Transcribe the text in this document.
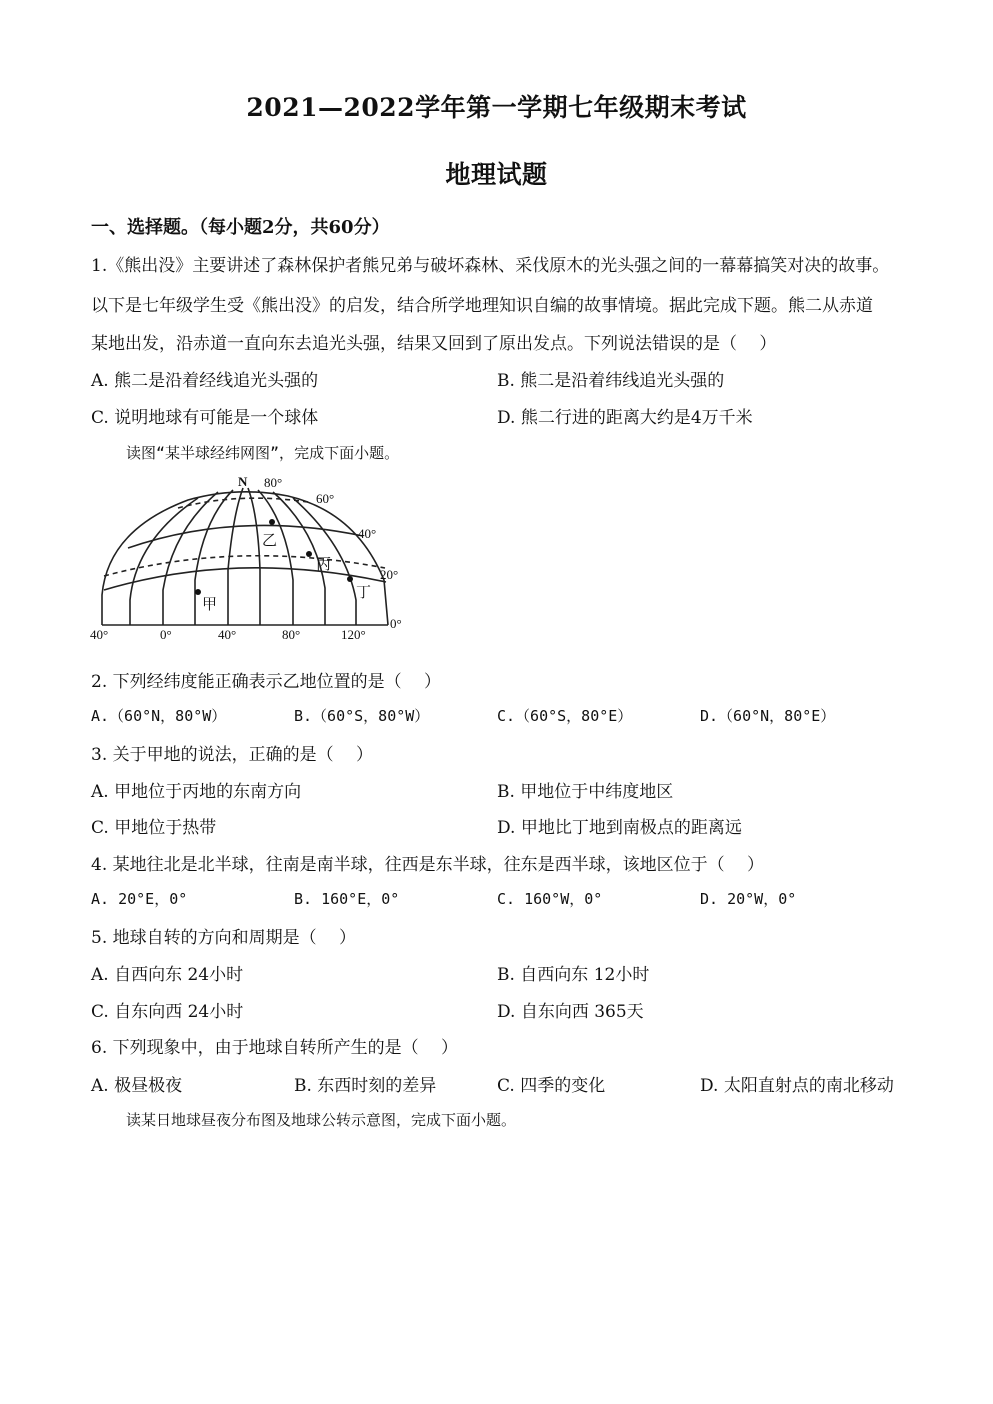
2021—2022学年第一学期七年级期末考试
地理试题
一、选择题。（每小题2分，共60分）
1.《熊出没》主要讲述了森林保护者熊兄弟与破坏森林、采伐原木的光头强之间的一幕幕搞笑对决的故事。
以下是七年级学生受《熊出没》的启发，结合所学地理知识自编的故事情境。据此完成下题。熊二从赤道
某地出发，沿赤道一直向东去追光头强，结果又回到了原出发点。下列说法错误的是（　 ）
A. 熊二是沿着经线追光头强的	B. 熊二是沿着纬线追光头强的
C. 说明地球有可能是一个球体	D. 熊二行进的距离大约是4万千米
读图“某半球经纬网图”，完成下面小题。
N 80°
60°
40°
20°
0°
40°	0°	40°	80°	120°
乙
丙
甲
丁
2. 下列经纬度能正确表示乙地位置的是（　 ）
A.（60°N，80°W）	B.（60°S，80°W）	C.（60°S，80°E）	D.（60°N，80°E）
3. 关于甲地的说法，正确的是（　 ）
A. 甲地位于丙地的东南方向	B. 甲地位于中纬度地区
C. 甲地位于热带	D. 甲地比丁地到南极点的距离远
4. 某地往北是北半球，往南是南半球，往西是东半球，往东是西半球，该地区位于（　 ）
A. 20°E，0°	B. 160°E，0°	C. 160°W，0°	D. 20°W，0°
5. 地球自转的方向和周期是（　 ）
A. 自西向东 24小时	B. 自西向东 12小时
C. 自东向西 24小时	D. 自东向西 365天
6. 下列现象中，由于地球自转所产生的是（　 ）
A. 极昼极夜	B. 东西时刻的差异	C. 四季的变化	D. 太阳直射点的南北移动
读某日地球昼夜分布图及地球公转示意图，完成下面小题。
